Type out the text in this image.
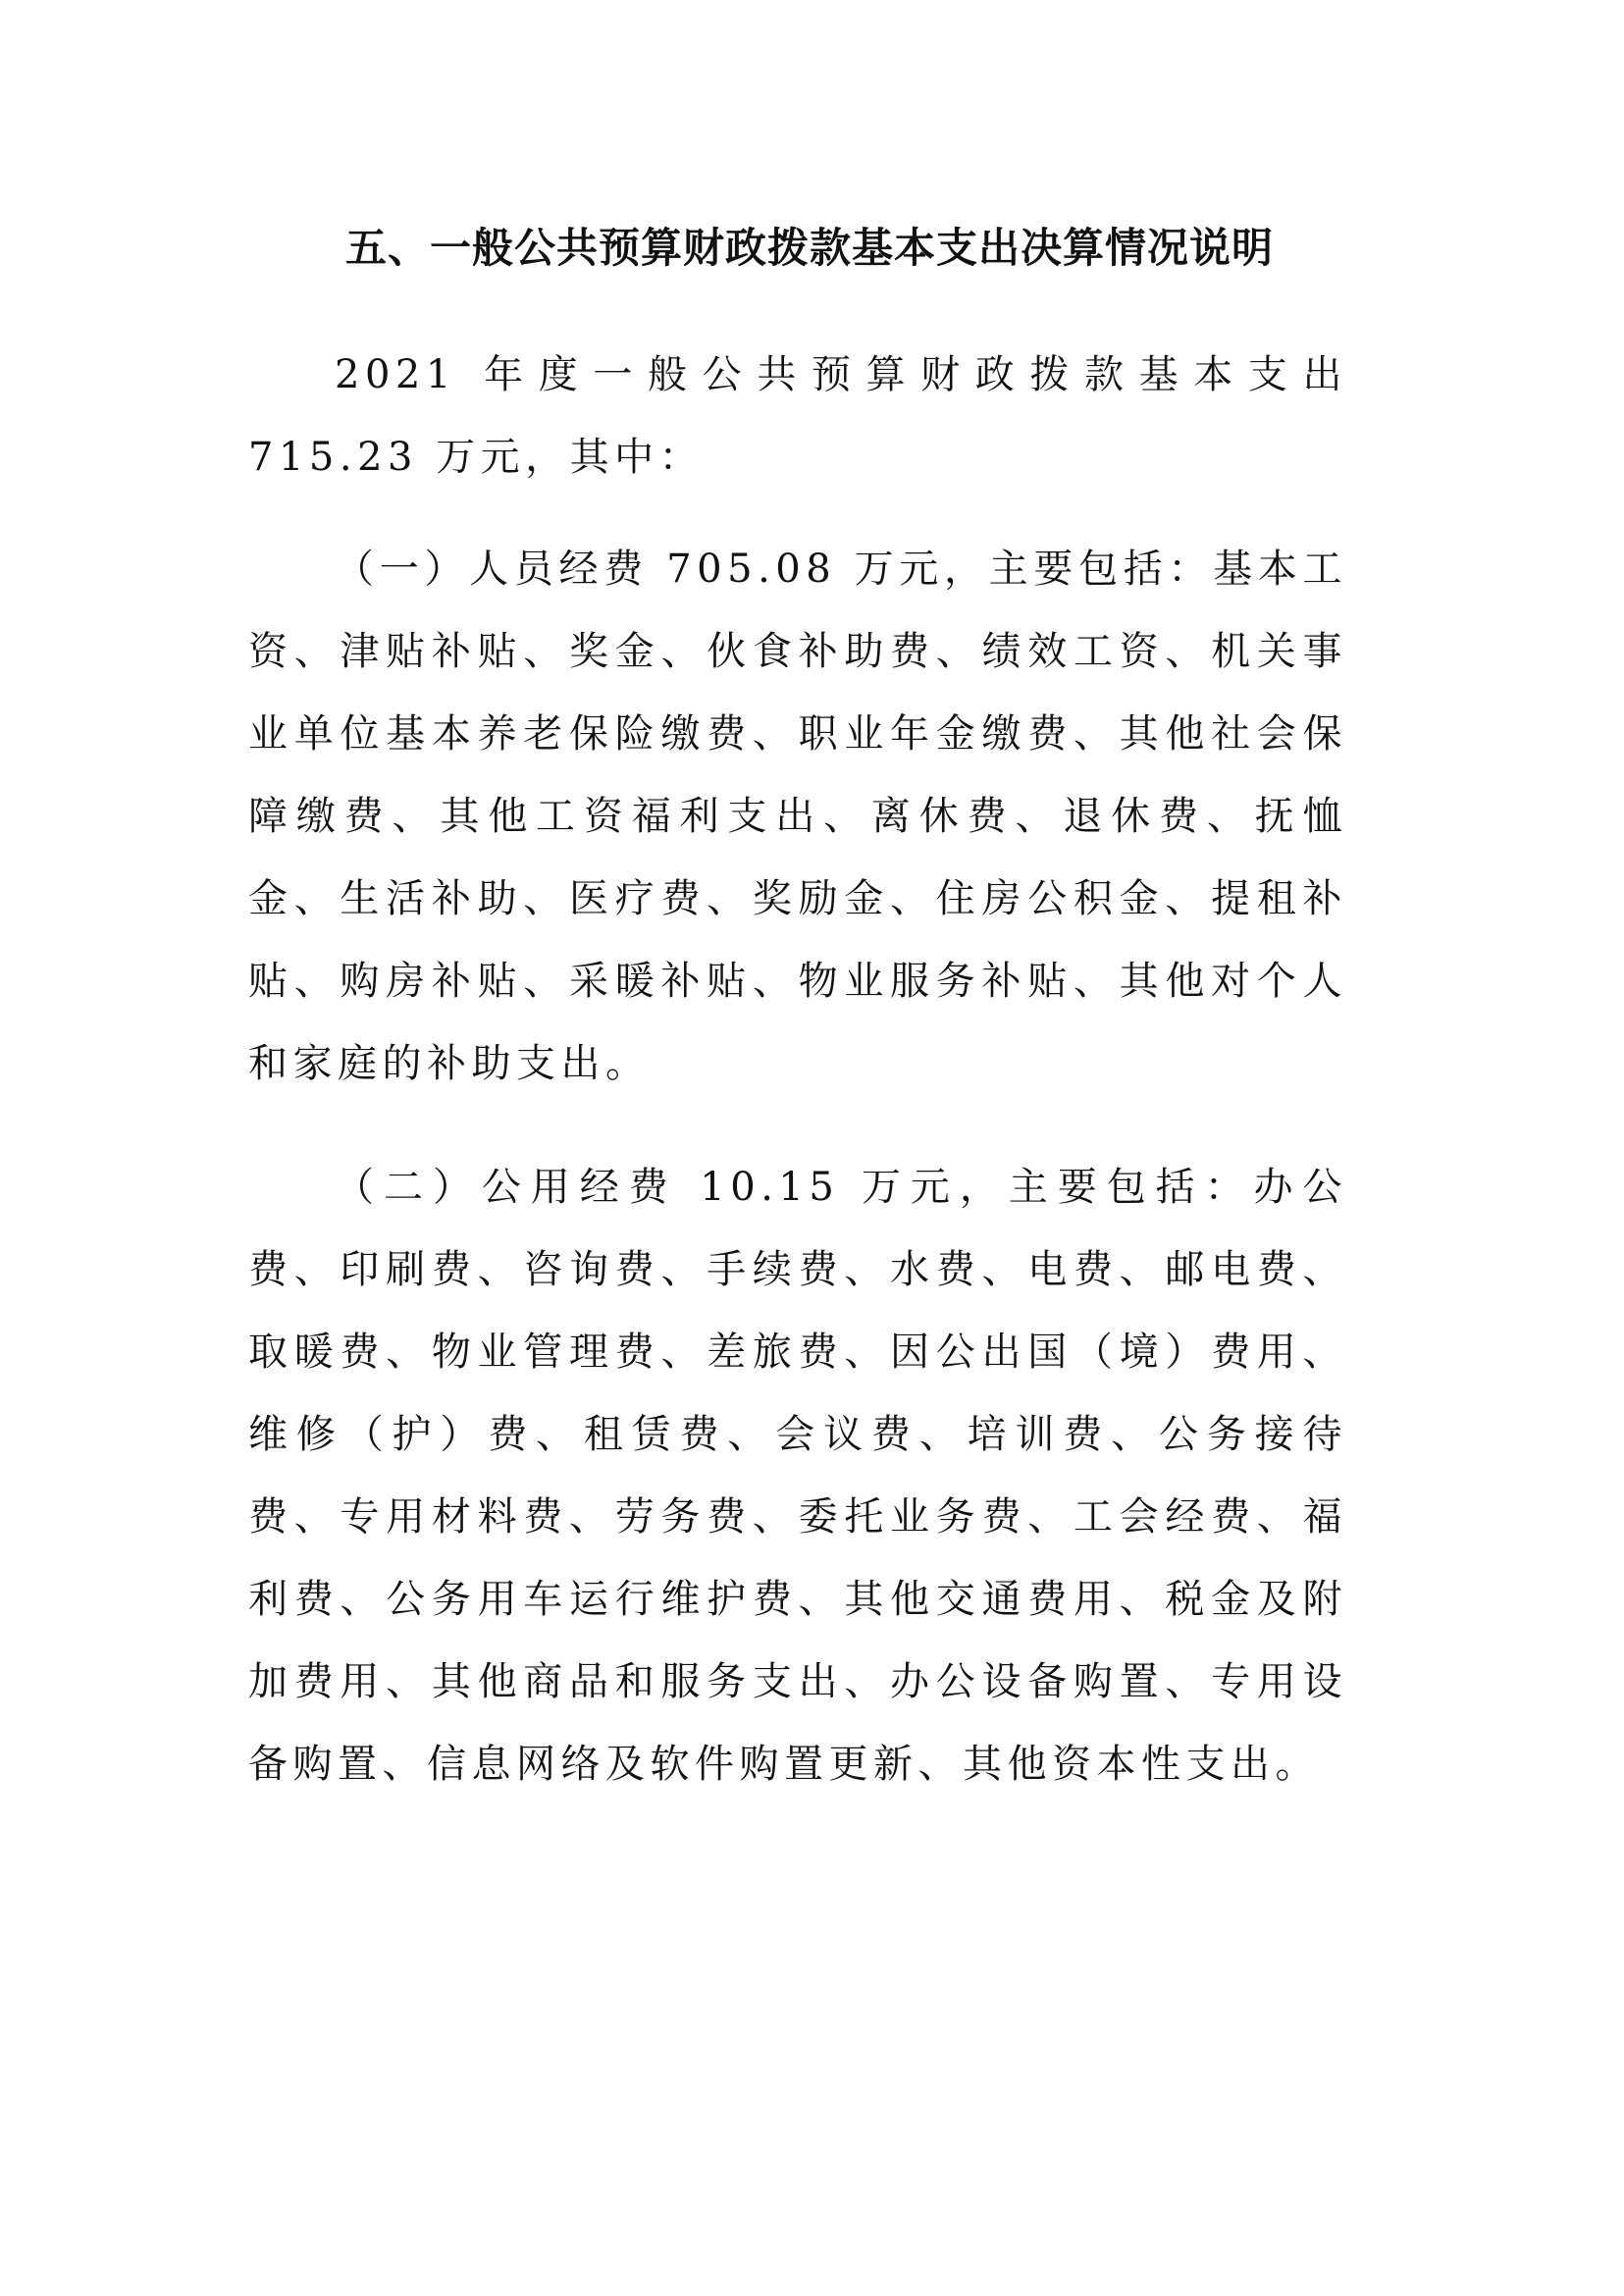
五、一般公共预算财政拨款基本支出决算情况说明

2021 年度一般公共预算财政拨款基本支出 715.23 万元，其中：

（一）人员经费 705.08 万元，主要包括：基本工资、津贴补贴、奖金、伙食补助费、绩效工资、机关事业单位基本养老保险缴费、职业年金缴费、其他社会保障缴费、其他工资福利支出、离休费、退休费、抚恤金、生活补助、医疗费、奖励金、住房公积金、提租补贴、购房补贴、采暖补贴、物业服务补贴、其他对个人和家庭的补助支出。

（二）公用经费 10.15 万元，主要包括：办公费、印刷费、咨询费、手续费、水费、电费、邮电费、取暖费、物业管理费、差旅费、因公出国（境）费用、维修（护）费、租赁费、会议费、培训费、公务接待费、专用材料费、劳务费、委托业务费、工会经费、福利费、公务用车运行维护费、其他交通费用、税金及附加费用、其他商品和服务支出、办公设备购置、专用设备购置、信息网络及软件购置更新、其他资本性支出。
